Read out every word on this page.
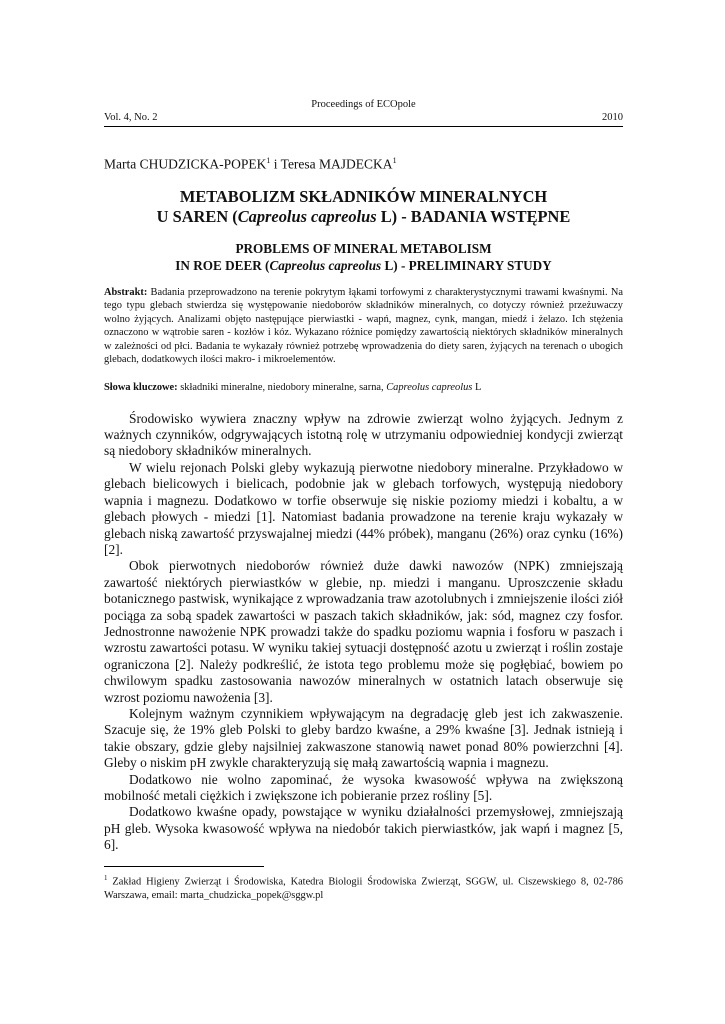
Proceedings of ECOpole
Vol. 4, No. 2	2010
Marta CHUDZICKA-POPEK$^1$ i Teresa MAJDECKA$^1$
METABOLIZM SKŁADNIKÓW MINERALNYCH
U SAREN (Capreolus capreolus L) - BADANIA WSTĘPNE
PROBLEMS OF MINERAL METABOLISM
IN ROE DEER (Capreolus capreolus L) - PRELIMINARY STUDY
Abstrakt: Badania przeprowadzono na terenie pokrytym łąkami torfowymi z charakterystycznymi trawami kwaśnymi. Na tego typu glebach stwierdza się występowanie niedoborów składników mineralnych, co dotyczy również przeżuwaczy wolno żyjących. Analizami objęto następujące pierwiastki - wapń, magnez, cynk, mangan, miedź i żelazo. Ich stężenia oznaczono w wątrobie saren - kozłów i kóz. Wykazano różnice pomiędzy zawartością niektórych składników mineralnych w zależności od płci. Badania te wykazały również potrzebę wprowadzenia do diety saren, żyjących na terenach o ubogich glebach, dodatkowych ilości makro- i mikroelementów.
Słowa kluczowe: składniki mineralne, niedobory mineralne, sarna, Capreolus capreolus L

Środowisko wywiera znaczny wpływ na zdrowie zwierząt wolno żyjących. Jednym z ważnych czynników, odgrywających istotną rolę w utrzymaniu odpowiedniej kondycji zwierząt są niedobory składników mineralnych.

W wielu rejonach Polski gleby wykazują pierwotne niedobory mineralne. Przykładowo w glebach bielicowych i bielicach, podobnie jak w glebach torfowych, występują niedobory wapnia i magnezu. Dodatkowo w torfie obserwuje się niskie poziomy miedzi i kobaltu, a w glebach płowych - miedzi [1]. Natomiast badania prowadzone na terenie kraju wykazały w glebach niską zawartość przyswajalnej miedzi (44% próbek), manganu (26%) oraz cynku (16%) [2].

Obok pierwotnych niedoborów również duże dawki nawozów (NPK) zmniejszają zawartość niektórych pierwiastków w glebie, np. miedzi i manganu. Uproszczenie składu botanicznego pastwisk, wynikające z wprowadzania traw azotolubnych i zmniejszenie ilości ziół pociąga za sobą spadek zawartości w paszach takich składników, jak: sód, magnez czy fosfor. Jednostronne nawożenie NPK prowadzi także do spadku poziomu wapnia i fosforu w paszach i wzrostu zawartości potasu. W wyniku takiej sytuacji dostępność azotu u zwierząt i roślin zostaje ograniczona [2]. Należy podkreślić, że istota tego problemu może się pogłębiać, bowiem po chwilowym spadku zastosowania nawozów mineralnych w ostatnich latach obserwuje się wzrost poziomu nawożenia [3].

Kolejnym ważnym czynnikiem wpływającym na degradację gleb jest ich zakwaszenie. Szacuje się, że 19% gleb Polski to gleby bardzo kwaśne, a 29% kwaśne [3]. Jednak istnieją i takie obszary, gdzie gleby najsilniej zakwaszone stanowią nawet ponad 80% powierzchni [4]. Gleby o niskim pH zwykle charakteryzują się małą zawartością wapnia i magnezu.

Dodatkowo nie wolno zapominać, że wysoka kwasowość wpływa na zwiększoną mobilność metali ciężkich i zwiększone ich pobieranie przez rośliny [5].

Dodatkowo kwaśne opady, powstające w wyniku działalności przemysłowej, zmniejszają pH gleb. Wysoka kwasowość wpływa na niedobór takich pierwiastków, jak wapń i magnez [5, 6].

$^1$ Zakład Higieny Zwierząt i Środowiska, Katedra Biologii Środowiska Zwierząt, SGGW, ul. Ciszewskiego 8, 02-786 Warszawa, email: marta_chudzicka_popek@sggw.pl
